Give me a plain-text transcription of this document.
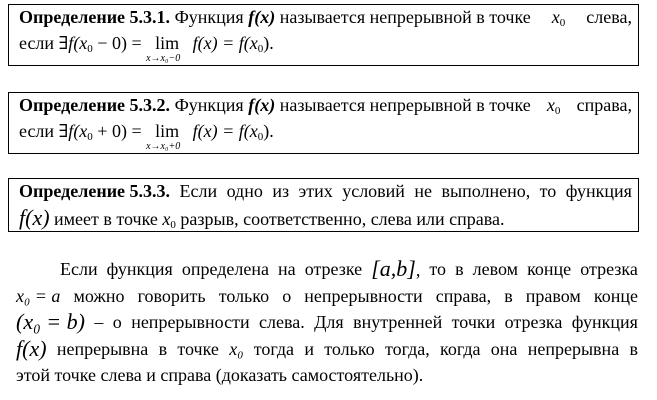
Определение 5.3.1. Функция f(x) называется непрерывной в точке $x_0$ слева,
если $\exists f(x_0 - 0) = \lim$
x→x₀−0
$f(x) = f(x_0)$.
Определение 5.3.2. Функция f(x) называется непрерывной в точке $x_0$ справа,
если $\exists f(x_0 + 0) = \lim$
x→x₀+0
$f(x) = f(x_0)$.
Определение 5.3.3. Если одно из этих условий не выполнено, то функция
f(x) имеет в точке $x_0$ разрыв, соответственно, слева или справа.
Если функция определена на отрезке [a,b], то в левом конце отрезка
x₀ = a можно говорить только о непрерывности справа, в правом конце
(x₀ = b) – о непрерывности слева. Для внутренней точки отрезка функция
f(x) непрерывна в точке x₀ тогда и только тогда, когда она непрерывна в
этой точке слева и справа (доказать самостоятельно).
